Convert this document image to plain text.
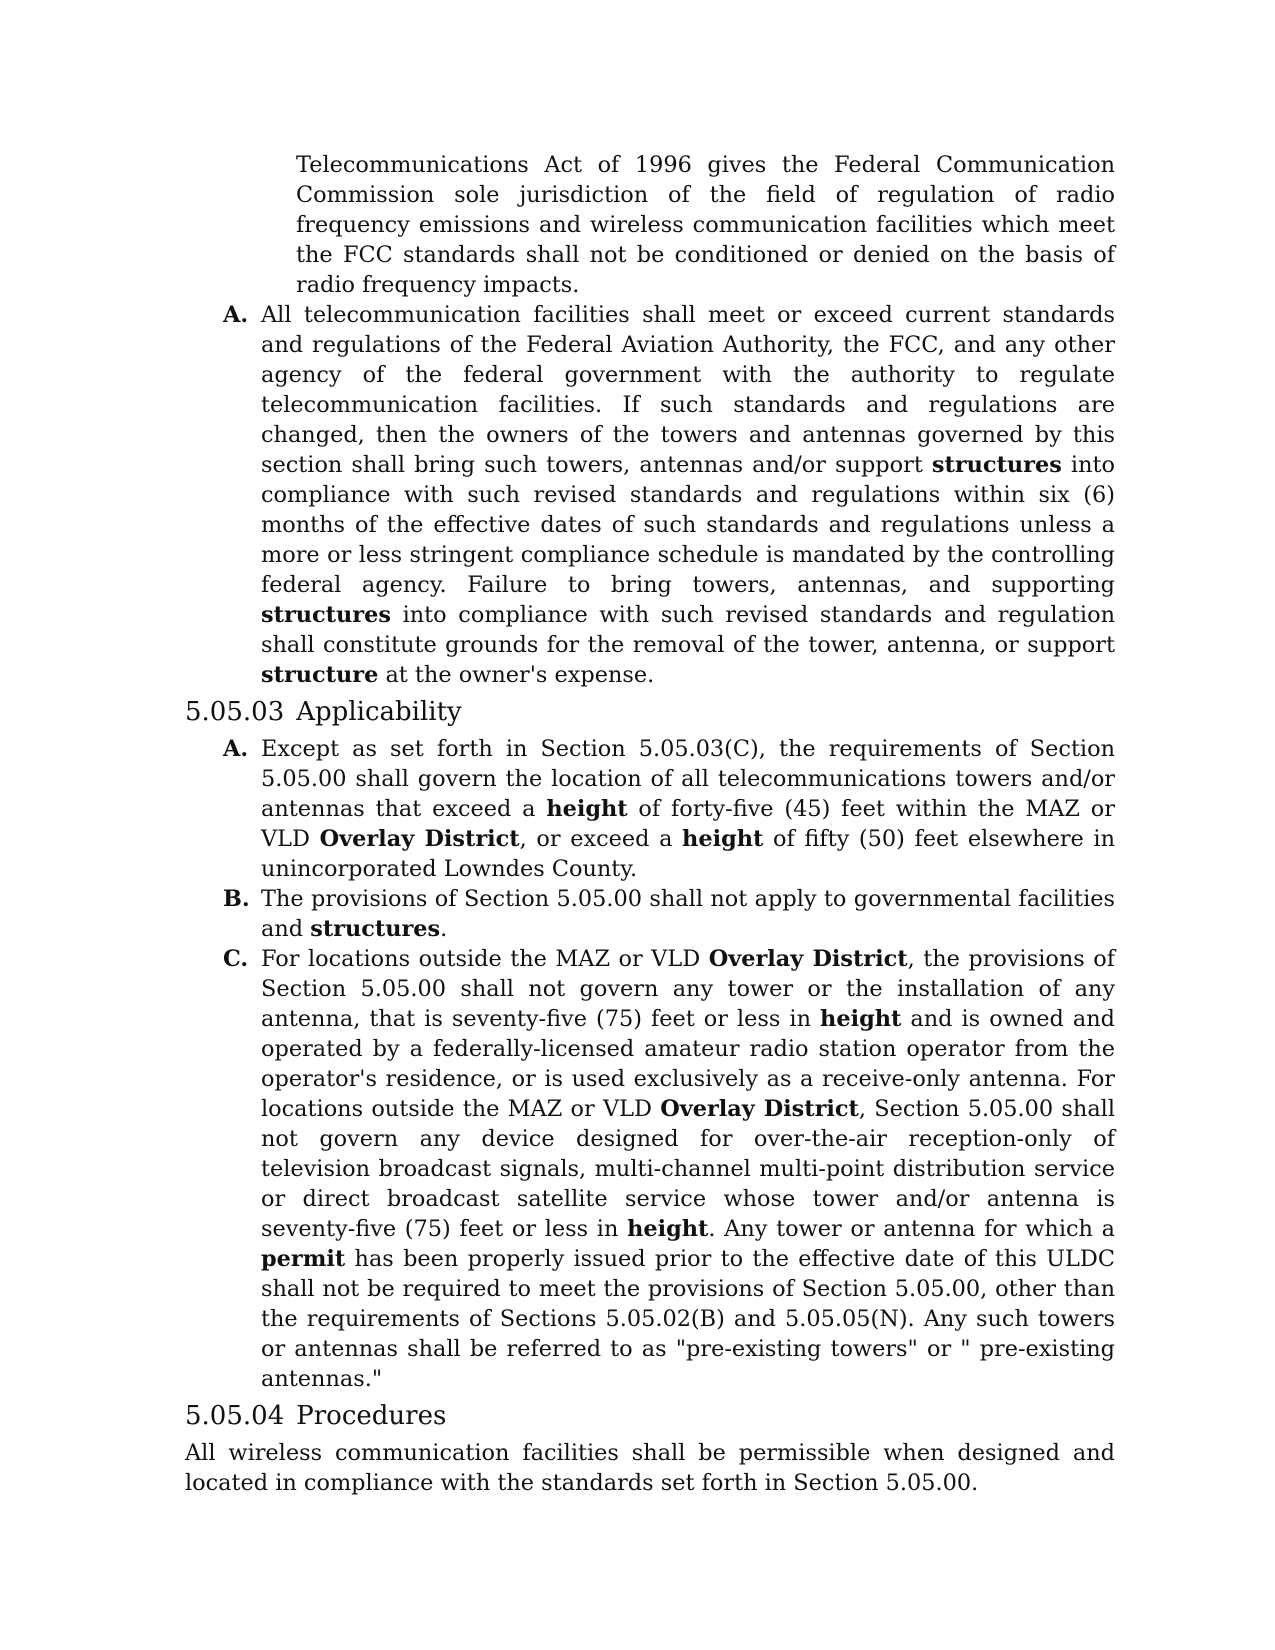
Telecommunications Act of 1996 gives the Federal Communication Commission sole jurisdiction of the field of regulation of radio frequency emissions and wireless communication facilities which meet the FCC standards shall not be conditioned or denied on the basis of radio frequency impacts.

A. All telecommunication facilities shall meet or exceed current standards and regulations of the Federal Aviation Authority, the FCC, and any other agency of the federal government with the authority to regulate telecommunication facilities. If such standards and regulations are changed, then the owners of the towers and antennas governed by this section shall bring such towers, antennas and/or support structures into compliance with such revised standards and regulations within six (6) months of the effective dates of such standards and regulations unless a more or less stringent compliance schedule is mandated by the controlling federal agency. Failure to bring towers, antennas, and supporting structures into compliance with such revised standards and regulation shall constitute grounds for the removal of the tower, antenna, or support structure at the owner's expense.
5.05.03 Applicability
A. Except as set forth in Section 5.05.03(C), the requirements of Section 5.05.00 shall govern the location of all telecommunications towers and/or antennas that exceed a height of forty-five (45) feet within the MAZ or VLD Overlay District, or exceed a height of fifty (50) feet elsewhere in unincorporated Lowndes County.
B. The provisions of Section 5.05.00 shall not apply to governmental facilities and structures.
C. For locations outside the MAZ or VLD Overlay District, the provisions of Section 5.05.00 shall not govern any tower or the installation of any antenna, that is seventy-five (75) feet or less in height and is owned and operated by a federally-licensed amateur radio station operator from the operator's residence, or is used exclusively as a receive-only antenna. For locations outside the MAZ or VLD Overlay District, Section 5.05.00 shall not govern any device designed for over-the-air reception-only of television broadcast signals, multi-channel multi-point distribution service or direct broadcast satellite service whose tower and/or antenna is seventy-five (75) feet or less in height. Any tower or antenna for which a permit has been properly issued prior to the effective date of this ULDC shall not be required to meet the provisions of Section 5.05.00, other than the requirements of Sections 5.05.02(B) and 5.05.05(N). Any such towers or antennas shall be referred to as "pre-existing towers" or " pre-existing antennas."
5.05.04 Procedures

All wireless communication facilities shall be permissible when designed and located in compliance with the standards set forth in Section 5.05.00.
